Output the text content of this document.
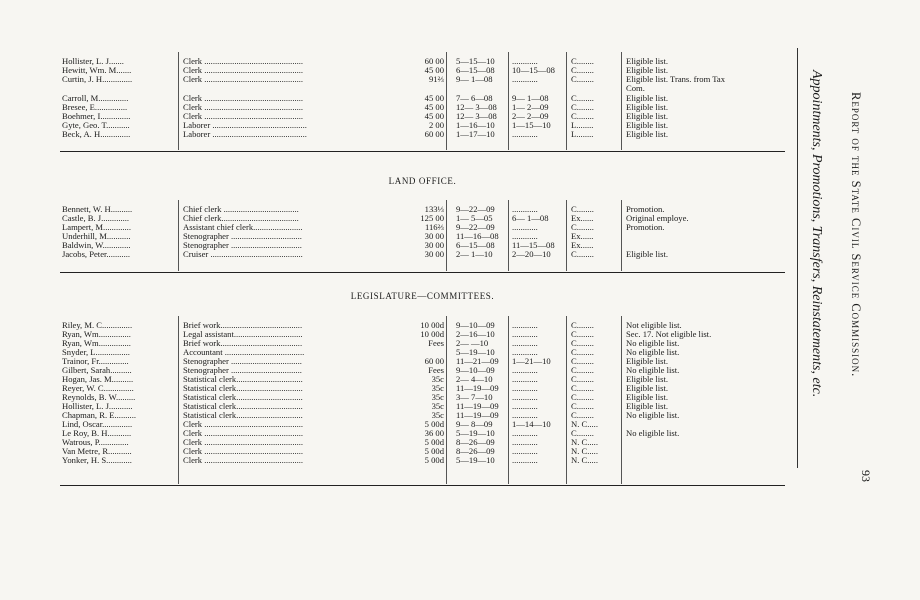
Hollister, L. J.......	Clerk ..............................................	60 00 5—15—10	............	C........	Eligible list.
Hewitt, Wm. M.......	Clerk ..............................................	45 00 6—15—08	10—15—08	C........	Eligible list.
Curtin, J. H..............	Clerk ..............................................	91⅔ 9— 1—08	............	C........	Eligible list. Trans. from Tax
Com.
Carroll, M..............	Clerk ..............................................	45 00 7— 6—08	9— 1—08	C........	Eligible list.
Bresee, E...............	Clerk ..............................................	45 00 12— 3—08	1— 2—09	C........	Eligible list.
Boehmer, I..............	Clerk ..............................................	45 00 12— 3—08	2— 2—09	C........	Eligible list.
Gyte, Geo. T...........	Laborer ............................................	2 00 1—16—10	1—15—10	L........	Eligible list.
Beck, A. H..............	Laborer ............................................	60 00 1—17—10	............	L........	Eligible list.
LAND OFFICE.
Bennett, W. H..........	Chief clerk ...................................	133⅓ 9—22—09	............	C........	Promotion.
Castle, B. J.............	Chief clerk....................................	125 00 1— 5—05	6— 1—08	Ex......	Original employe.
Lampert, M.............	Assistant chief clerk.......................	116⅔ 9—22—09	............	C........	Promotion.
Underhill, M...........	Stenographer .................................	30 00 11—16—08	............	Ex......
Baldwin, W.............	Stenographer .................................	30 00 6—15—08	11—15—08	Ex......
Jacobs, Peter...........	Cruiser ...........................................	30 00 2— 1—10	2—20—10	C........	Eligible list.
LEGISLATURE—COMMITTEES.
Riley, M. C..............	Brief work......................................	10 00d 9—10—09	............	C........	Not eligible list.
Ryan, Wm...............	Legal assistant................................	10 00d 2—16—10	............	C........	Sec. 17. Not eligible list.
Ryan, Wm...............	Brief work......................................	Fees 2— —10	............	C........	No eligible list.
Snyder, L................	Accountant .....................................	5—19—10	............	C........	No eligible list.
Trainor, Fr..............	Stenographer .................................	60 00 11—21—09	1—21—10	C........	Eligible list.
Gilbert, Sarah..........	Stenographer .................................	Fees 9—10—09	............	C........	No eligible list.
Hogan, Jas. M..........	Statistical clerk...............................	35c 2— 4—10	............	C........	Eligible list.
Reyer, W. C..............	Statistical clerk...............................	35c 11—19—09	............	C........	Eligible list.
Reynolds, B. W.........	Statistical clerk...............................	35c 3— 7—10	............	C........	Eligible list.
Hollister, L. J...........	Statistical clerk...............................	35c 11—19—09	............	C........	Eligible list.
Chapman, R. E..........	Statistical clerk...............................	35c 11—19—09	............	C........	No eligible list.
Lind, Oscar..............	Clerk ..............................................	5 00d 9— 8—09	1—14—10	N. C.....
Le Roy, B. H...........	Clerk ..............................................	36 00 5—19—10	............	C........	No eligible list.
Watrous, P..............	Clerk ..............................................	5 00d 8—26—09	............	N. C.....
Van Metre, R...........	Clerk ..............................................	5 00d 8—26—09	............	N. C.....
Yonker, H. S............	Clerk ..............................................	5 00d 5—19—10	............	N. C.....
Report of the State Civil Service Commission.
Appointments, Promotions, Transfers, Reinstatements, etc.
93
